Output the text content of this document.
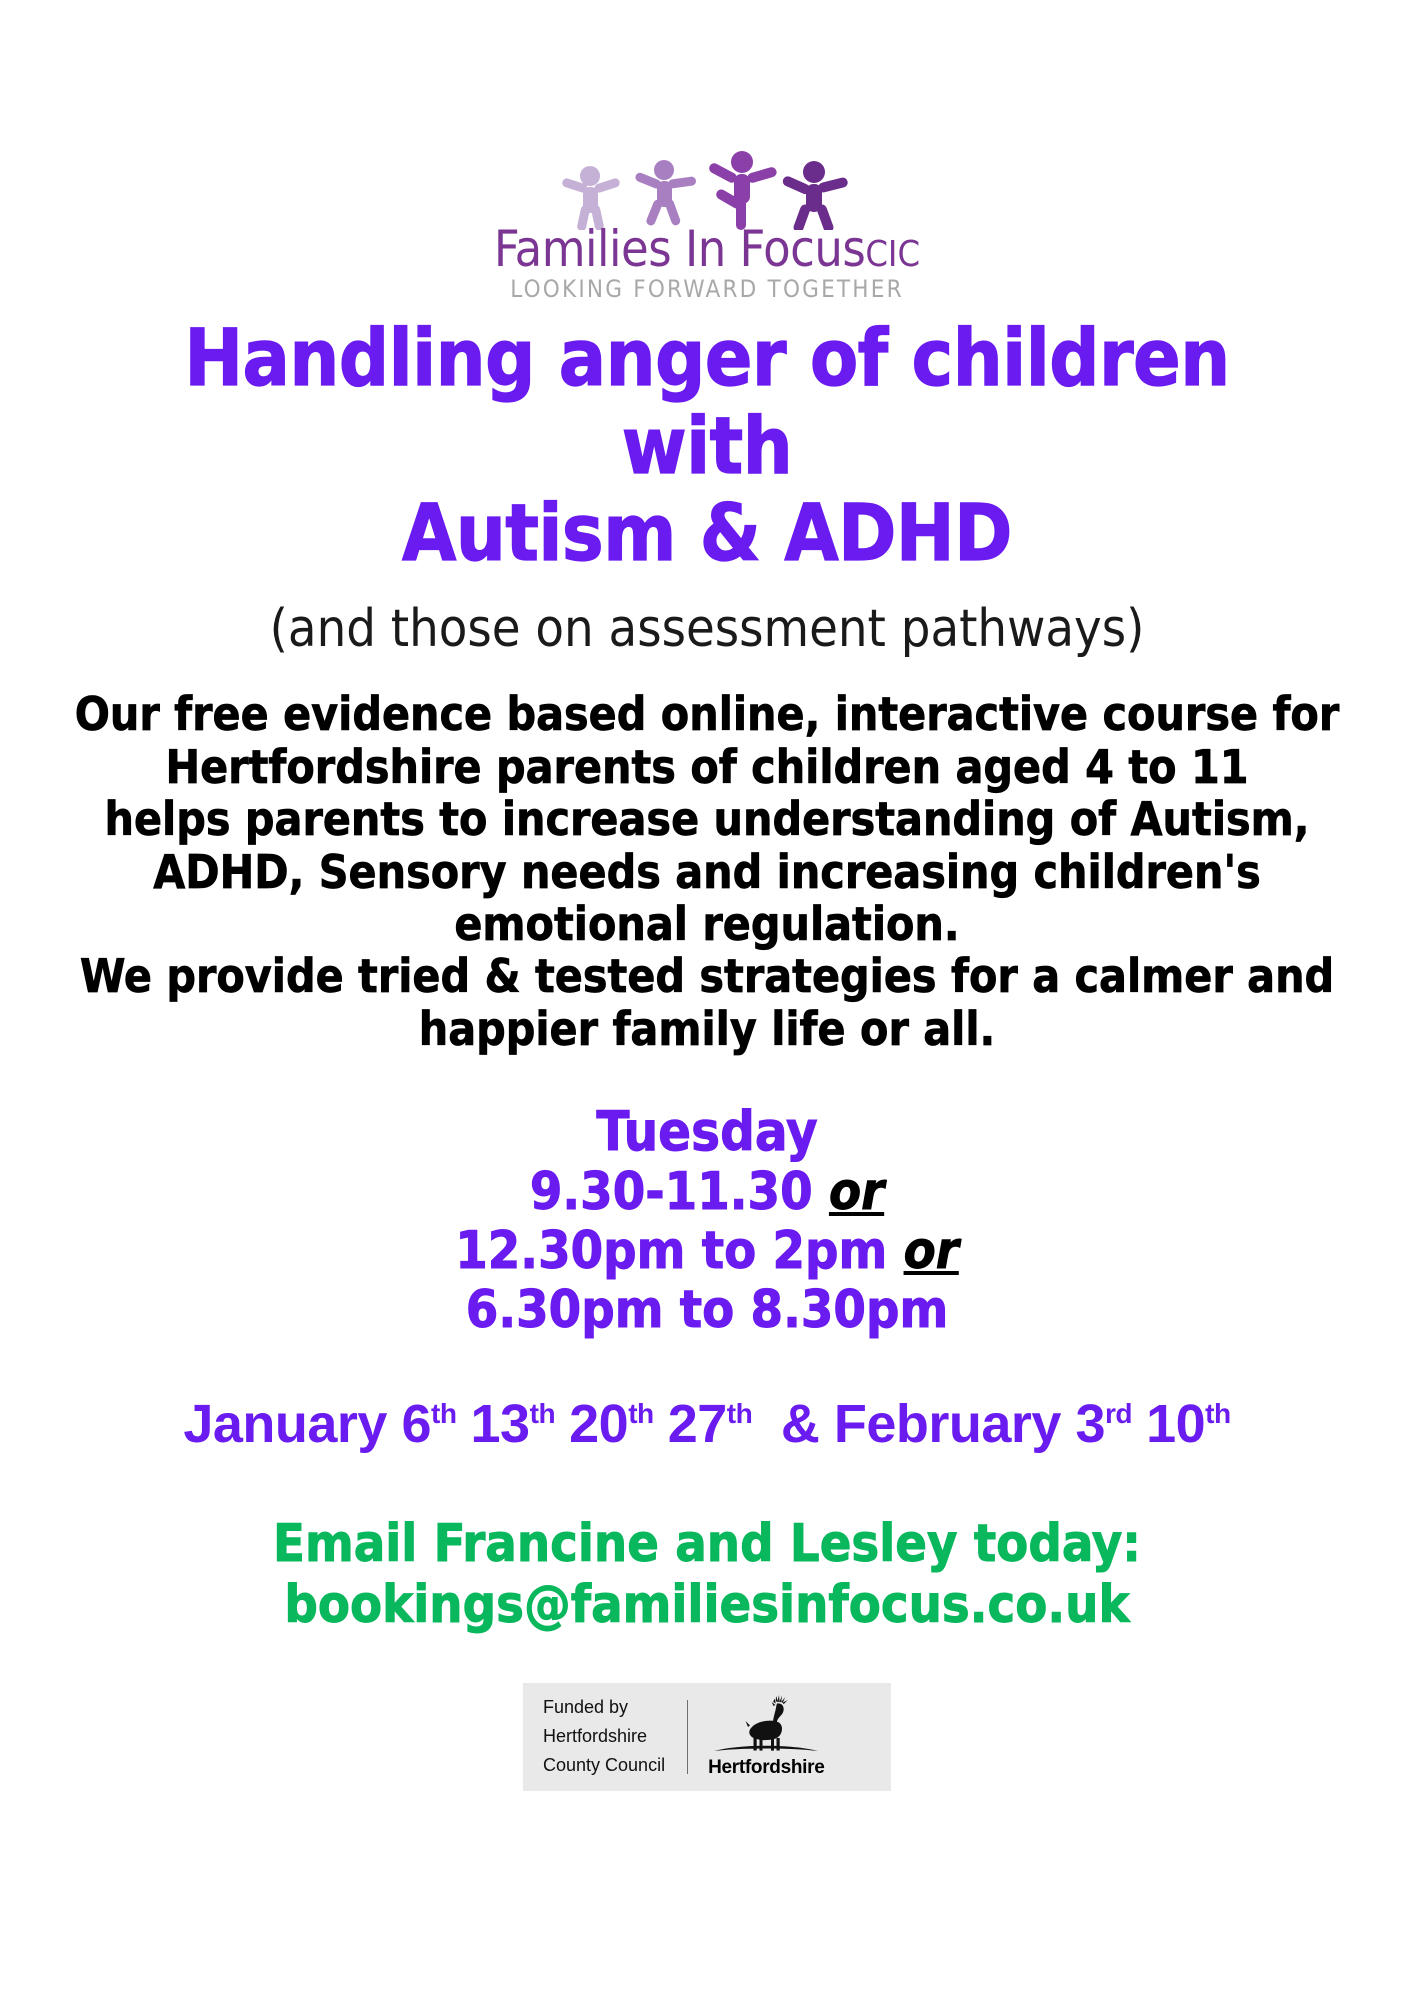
Families In FocusCIC
LOOKING FORWARD TOGETHER
Handling anger of children with
Autism & ADHD
(and those on assessment pathways)
Our free evidence based online, interactive course for
Hertfordshire parents of children aged 4 to 11
helps parents to increase understanding of Autism,
ADHD, Sensory needs and increasing children's
emotional regulation.
We provide tried & tested strategies for a calmer and
happier family life or all.
Tuesday
9.30-11.30 or
12.30pm to 2pm or
6.30pm to 8.30pm
January 6th 13th 20th 27th & February 3rd 10th
Email Francine and Lesley today:
bookings@familiesinfocus.co.uk
Funded by
Hertfordshire
County Council Hertfordshire
